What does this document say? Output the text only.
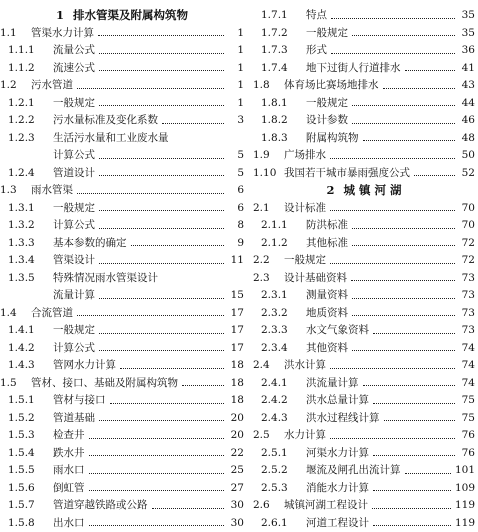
1 排水管渠及附属构筑物
1.1	管渠水力计算	1
1.1.1	流量公式	1
1.1.2	流速公式	1
1.2	污水管道	1
1.2.1	一般规定	1
1.2.2	污水量标准及变化系数	3
1.2.3	生活污水量和工业废水量
计算公式	5
1.2.4	管道设计	5
1.3	雨水管渠	6
1.3.1	一般规定	6
1.3.2	计算公式	8
1.3.3	基本参数的确定	9
1.3.4	管渠设计	11
1.3.5	特殊情况雨水管渠设计
流量计算	15
1.4	合流管道	17
1.4.1	一般规定	17
1.4.2	计算公式	17
1.4.3	管网水力计算	18
1.5	管材、接口、基础及附属构筑物	18
1.5.1	管材与接口	18
1.5.2	管道基础	20
1.5.3	检查井	20
1.5.4	跌水井	22
1.5.5	雨水口	25
1.5.6	倒虹管	27
1.5.7	管道穿越铁路或公路	30
1.5.8	出水口	30
1.7.1	特点	35
1.7.2	一般规定	35
1.7.3	形式	36
1.7.4	地下过街人行道排水	41
1.8	体育场比赛场地排水	43
1.8.1	一般规定	44
1.8.2	设计参数	46
1.8.3	附属构筑物	48
1.9	广场排水	50
1.10 我国若干城市暴雨强度公式	52
2 城 镇 河 湖
2.1	设计标准	70
2.1.1	防洪标准	70
2.1.2	其他标准	72
2.2	一般规定	72
2.3	设计基础资料	73
2.3.1	测量资料	73
2.3.2	地质资料	73
2.3.3	水文气象资料	73
2.3.4	其他资料	74
2.4	洪水计算	74
2.4.1	洪流量计算	74
2.4.2	洪水总量计算	75
2.4.3	洪水过程线计算	75
2.5	水力计算	76
2.5.1	河渠水力计算	76
2.5.2	堰流及闸孔出流计算	101
2.5.3	消能水力计算	109
2.6	城镇河湖工程设计	119
2.6.1	河道工程设计	119
